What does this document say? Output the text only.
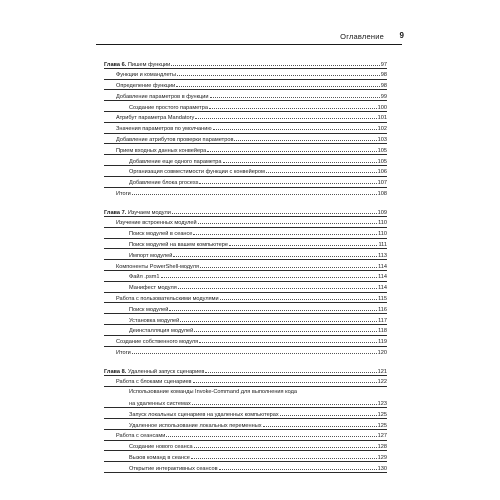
Оглавление 9
Глава 6. Пишем функции	97
Функции и командлеты	98
Определение функции	98
Добавление параметров в функции	99
Создание простого параметра	100
Атрибут параметра Mandatory	101
Значения параметров по умолчанию	102
Добавление атрибутов проверки параметров	103
Прием входных данных конвейера	105
Добавление еще одного параметра	105
Организация совместимости функции с конвейером	106
Добавление блока process	107
Итоги	108
Глава 7. Изучаем модули	109
Изучение встроенных модулей	110
Поиск модулей в сеансе	110
Поиск модулей на вашем компьютере	111
Импорт модулей	113
Компоненты PowerShell-модуля	114
Файл .psm1	114
Манифест модуля	114
Работа с пользовательскими модулями	115
Поиск модулей	116
Установка модулей	117
Деинсталляция модулей	118
Создание собственного модуля	119
Итоги	120
Глава 8. Удаленный запуск сценариев	121
Работа с блоками сценариев	122
Использование команды Invoke-Command для выполнения кода
на удаленных системах	123
Запуск локальных сценариев на удаленных компьютерах	125
Удаленное использование локальных переменных	125
Работа с сеансами	127
Создание нового сеанса	128
Вызов команд в сеансе	129
Открытие интерактивных сеансов	130
